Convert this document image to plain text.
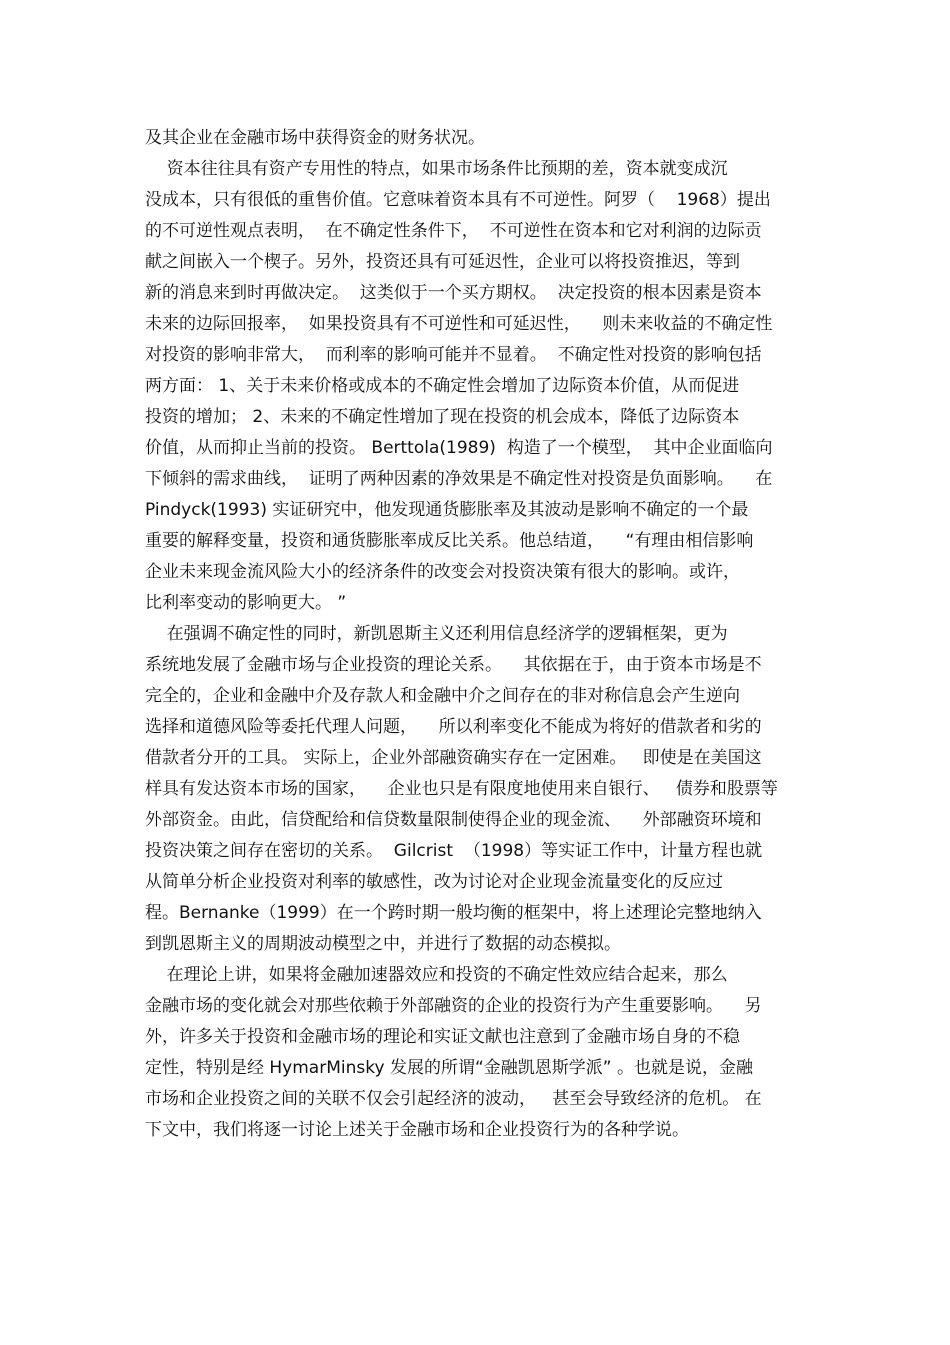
及其企业在金融市场中获得资金的财务状况。
资本往往具有资产专用性的特点，如果市场条件比预期的差，资本就变成沉
没成本，只有很低的重售价值。它意味着资本具有不可逆性。阿罗（    1968）提出
的不可逆性观点表明，  在不确定性条件下，  不可逆性在资本和它对利润的边际贡
献之间嵌入一个楔子。另外，投资还具有可延迟性，企业可以将投资推迟，等到
新的消息来到时再做决定。  这类似于一个买方期权。  决定投资的根本因素是资本
未来的边际回报率，  如果投资具有不可逆性和可延迟性，    则未来收益的不确定性
对投资的影响非常大，  而利率的影响可能并不显着。  不确定性对投资的影响包括
两方面： 1、关于未来价格或成本的不确定性会增加了边际资本价值，从而促进
投资的增加； 2、未来的不确定性增加了现在投资的机会成本，降低了边际资本
价值，从而抑止当前的投资。 Berttola(1989)  构造了一个模型，  其中企业面临向
下倾斜的需求曲线，  证明了两种因素的净效果是不确定性对投资是负面影响。    在
Pindyck(1993) 实证研究中，他发现通货膨胀率及其波动是影响不确定的一个最
重要的解释变量，投资和通货膨胀率成反比关系。他总结道，    “有理由相信影响
企业未来现金流风险大小的经济条件的改变会对投资决策有很大的影响。或许，
比利率变动的影响更大。 ”
在强调不确定性的同时，新凯恩斯主义还利用信息经济学的逻辑框架，更为
系统地发展了金融市场与企业投资的理论关系。    其依据在于，由于资本市场是不
完全的，企业和金融中介及存款人和金融中介之间存在的非对称信息会产生逆向
选择和道德风险等委托代理人问题，    所以利率变化不能成为将好的借款者和劣的
借款者分开的工具。 实际上，企业外部融资确实存在一定困难。   即使是在美国这
样具有发达资本市场的国家，    企业也只是有限度地使用来自银行、   债券和股票等
外部资金。由此，信贷配给和信贷数量限制使得企业的现金流、    外部融资环境和
投资决策之间存在密切的关系。  Gilcrist  （1998）等实证工作中，计量方程也就
从简单分析企业投资对利率的敏感性，改为讨论对企业现金流量变化的反应过
程。Bernanke（1999）在一个跨时期一般均衡的框架中，将上述理论完整地纳入
到凯恩斯主义的周期波动模型之中，并进行了数据的动态模拟。
在理论上讲，如果将金融加速器效应和投资的不确定性效应结合起来，那么
金融市场的变化就会对那些依赖于外部融资的企业的投资行为产生重要影响。    另
外，许多关于投资和金融市场的理论和实证文献也注意到了金融市场自身的不稳
定性，特别是经 HymarMinsky 发展的所谓“金融凯恩斯学派” 。也就是说，金融
市场和企业投资之间的关联不仅会引起经济的波动，   甚至会导致经济的危机。 在
下文中，我们将逐一讨论上述关于金融市场和企业投资行为的各种学说。
